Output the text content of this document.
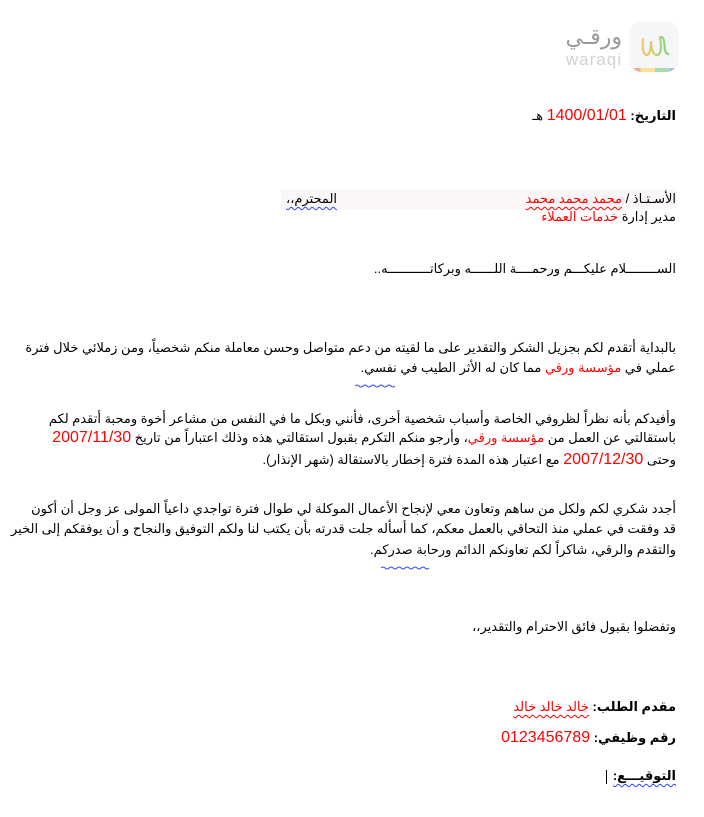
ورقـي
waraqi
التاريخ: 1400/01/01 هـ
الأسـتـاذ / محمد محمد محمد
المحترم،،
مدير إدارة خدمات العملاء
الســــــــلام عليكـــم ورحمــــة اللــــــه وبركاتـــــــــــه..
بالبداية أتقدم لكم بجزيل الشكر والتقدير على ما لقيته من دعم متواصل وحسن معاملة منكم شخصياً، ومن زملائي خلال فترة
عملي في مؤسسة ورقي مما كان له الأثر الطيب في نفسي.
وأفيدكم بأنه نظراً لظروفي الخاصة وأسباب شخصية أخرى، فأنني وبكل ما في النفس من مشاعر أخوة ومحبة أتقدم لكم
باستقالتي عن العمل من مؤسسة ورقي، وأرجو منكم التكرم بقبول استقالتي هذه وذلك اعتباراً من تاريخ 2007/11/30
وحتى 2007/12/30 مع اعتبار هذه المدة فترة إخطار بالاستقالة (شهر الإنذار).
أجدد شكري لكم ولكل من ساهم وتعاون معي لإنجاح الأعمال الموكلة لي طوال فترة تواجدي داعياً المولى عز وجل أن أكون
قد وفقت في عملي منذ التحاقي بالعمل معكم، كما أسأله جلت قدرته بأن يكتب لنا ولكم التوفيق والنجاح و أن يوفقكم إلى الخير
والتقدم والرقي، شاكراً لكم تعاونكم الدائم ورحابة صدركم.
وتفضلوا بقبول فائق الاحترام والتقدير،،
مقدم الطلب: خالد خالد خالد
رقم وظيفي: 0123456789
التوقيـــع:
